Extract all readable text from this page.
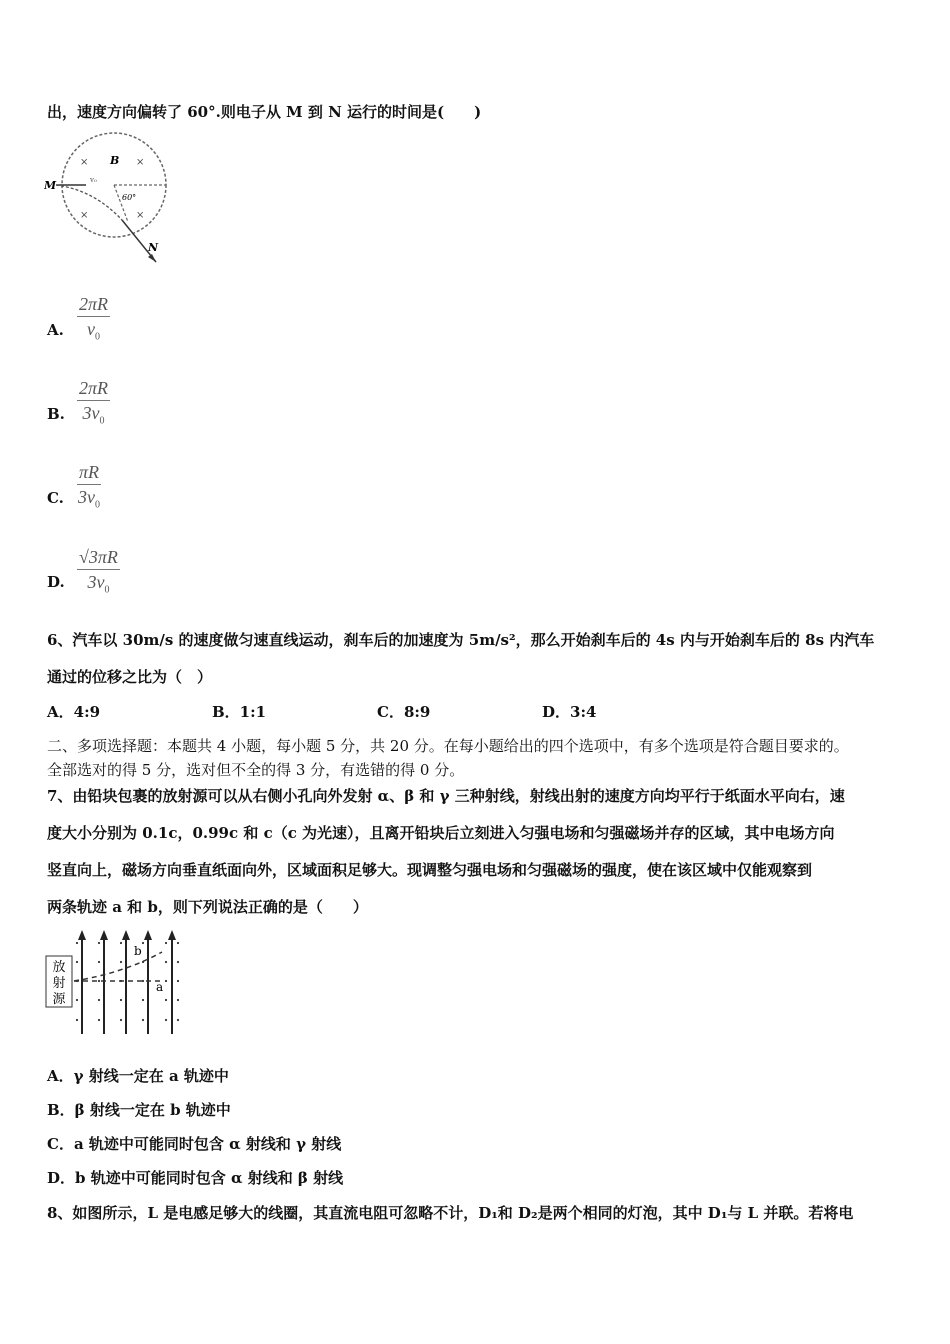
出，速度方向偏转了 60°.则电子从 M 到 N 运行的时间是(　　)
×	×
×	×
B
M
N
v₀
60°
A. $\frac{2\pi R}{v_0}$
B. $\frac{2\pi R}{3v_0}$
C. $\frac{\pi R}{3v_0}$
D. $\frac{√3\pi R}{3v_0}$
6、汽车以 30m/s 的速度做匀速直线运动，刹车后的加速度为 5m/s²，那么开始刹车后的 4s 内与开始刹车后的 8s 内汽车
通过的位移之比为（　）
A．4:9	B．1:1	C．8:9	D．3:4
二、多项选择题：本题共 4 小题，每小题 5 分，共 20 分。在每小题给出的四个选项中，有多个选项是符合题目要求的。
全部选对的得 5 分，选对但不全的得 3 分，有选错的得 0 分。
7、由铅块包裹的放射源可以从右侧小孔向外发射 α、β 和 γ 三种射线，射线出射的速度方向均平行于纸面水平向右，速
度大小分别为 0.1c，0.99c 和 c（c 为光速），且离开铅块后立刻进入匀强电场和匀强磁场并存的区域，其中电场方向
竖直向上，磁场方向垂直纸面向外，区域面积足够大。现调整匀强电场和匀强磁场的强度，使在该区域中仅能观察到
两条轨迹 a 和 b，则下列说法正确的是（　　）
放
射
源
a
b
A．γ 射线一定在 a 轨迹中
B．β 射线一定在 b 轨迹中
C．a 轨迹中可能同时包含 α 射线和 γ 射线
D．b 轨迹中可能同时包含 α 射线和 β 射线
8、如图所示，L 是电感足够大的线圈，其直流电阻可忽略不计，D₁和 D₂是两个相同的灯泡，其中 D₁与 L 并联。若将电
